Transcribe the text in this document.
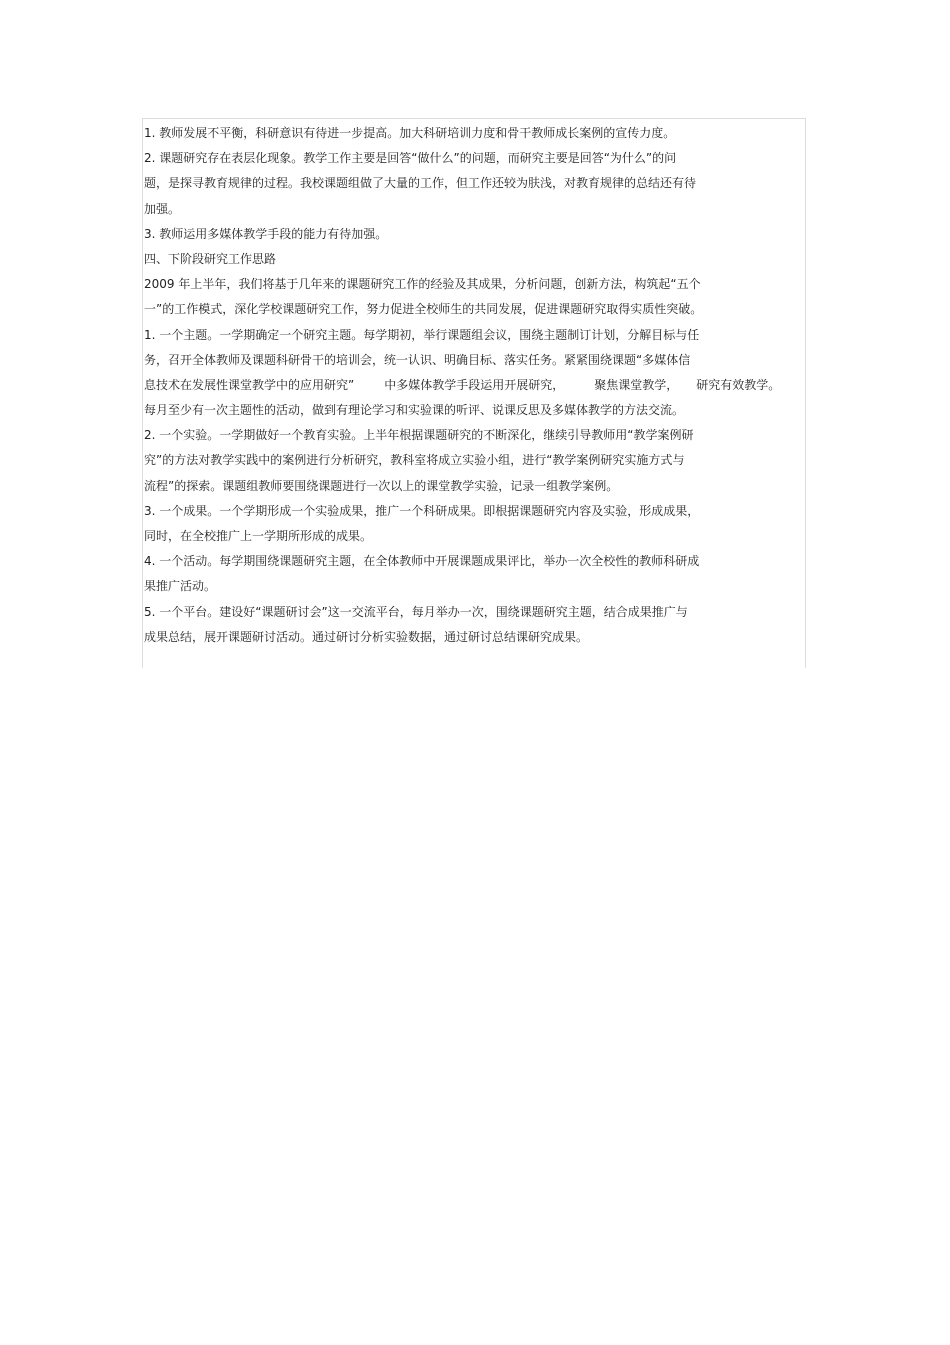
1. 教师发展不平衡，科研意识有待进一步提高。加大科研培训力度和骨干教师成长案例的宣传力度。
2. 课题研究存在表层化现象。教学工作主要是回答“做什么”的问题，而研究主要是回答“为什么”的问
题，是探寻教育规律的过程。我校课题组做了大量的工作，但工作还较为肤浅，对教育规律的总结还有待
加强。
3. 教师运用多媒体教学手段的能力有待加强。
四、下阶段研究工作思路
2009 年上半年，我们将基于几年来的课题研究工作的经验及其成果，分析问题，创新方法，构筑起“五个
一”的工作模式，深化学校课题研究工作，努力促进全校师生的共同发展，促进课题研究取得实质性突破。
1. 一个主题。一学期确定一个研究主题。每学期初，举行课题组会议，围绕主题制订计划，分解目标与任
务，召开全体教师及课题科研骨干的培训会，统一认识、明确目标、落实任务。紧紧围绕课题“多媒体信
息技术在发展性课堂教学中的应用研究”	中多媒体教学手段运用开展研究，	聚焦课堂教学， 研究有效教学。
每月至少有一次主题性的活动，做到有理论学习和实验课的听评、说课反思及多媒体教学的方法交流。
2. 一个实验。一学期做好一个教育实验。上半年根据课题研究的不断深化，继续引导教师用“教学案例研
究”的方法对教学实践中的案例进行分析研究，教科室将成立实验小组，进行“教学案例研究实施方式与
流程”的探索。课题组教师要围绕课题进行一次以上的课堂教学实验，记录一组教学案例。
3. 一个成果。一个学期形成一个实验成果，推广一个科研成果。即根据课题研究内容及实验，形成成果，
同时，在全校推广上一学期所形成的成果。
4. 一个活动。每学期围绕课题研究主题，在全体教师中开展课题成果评比，举办一次全校性的教师科研成
果推广活动。
5. 一个平台。建设好“课题研讨会”这一交流平台，每月举办一次，围绕课题研究主题，结合成果推广与
成果总结，展开课题研讨活动。通过研讨分析实验数据，通过研讨总结课研究成果。
